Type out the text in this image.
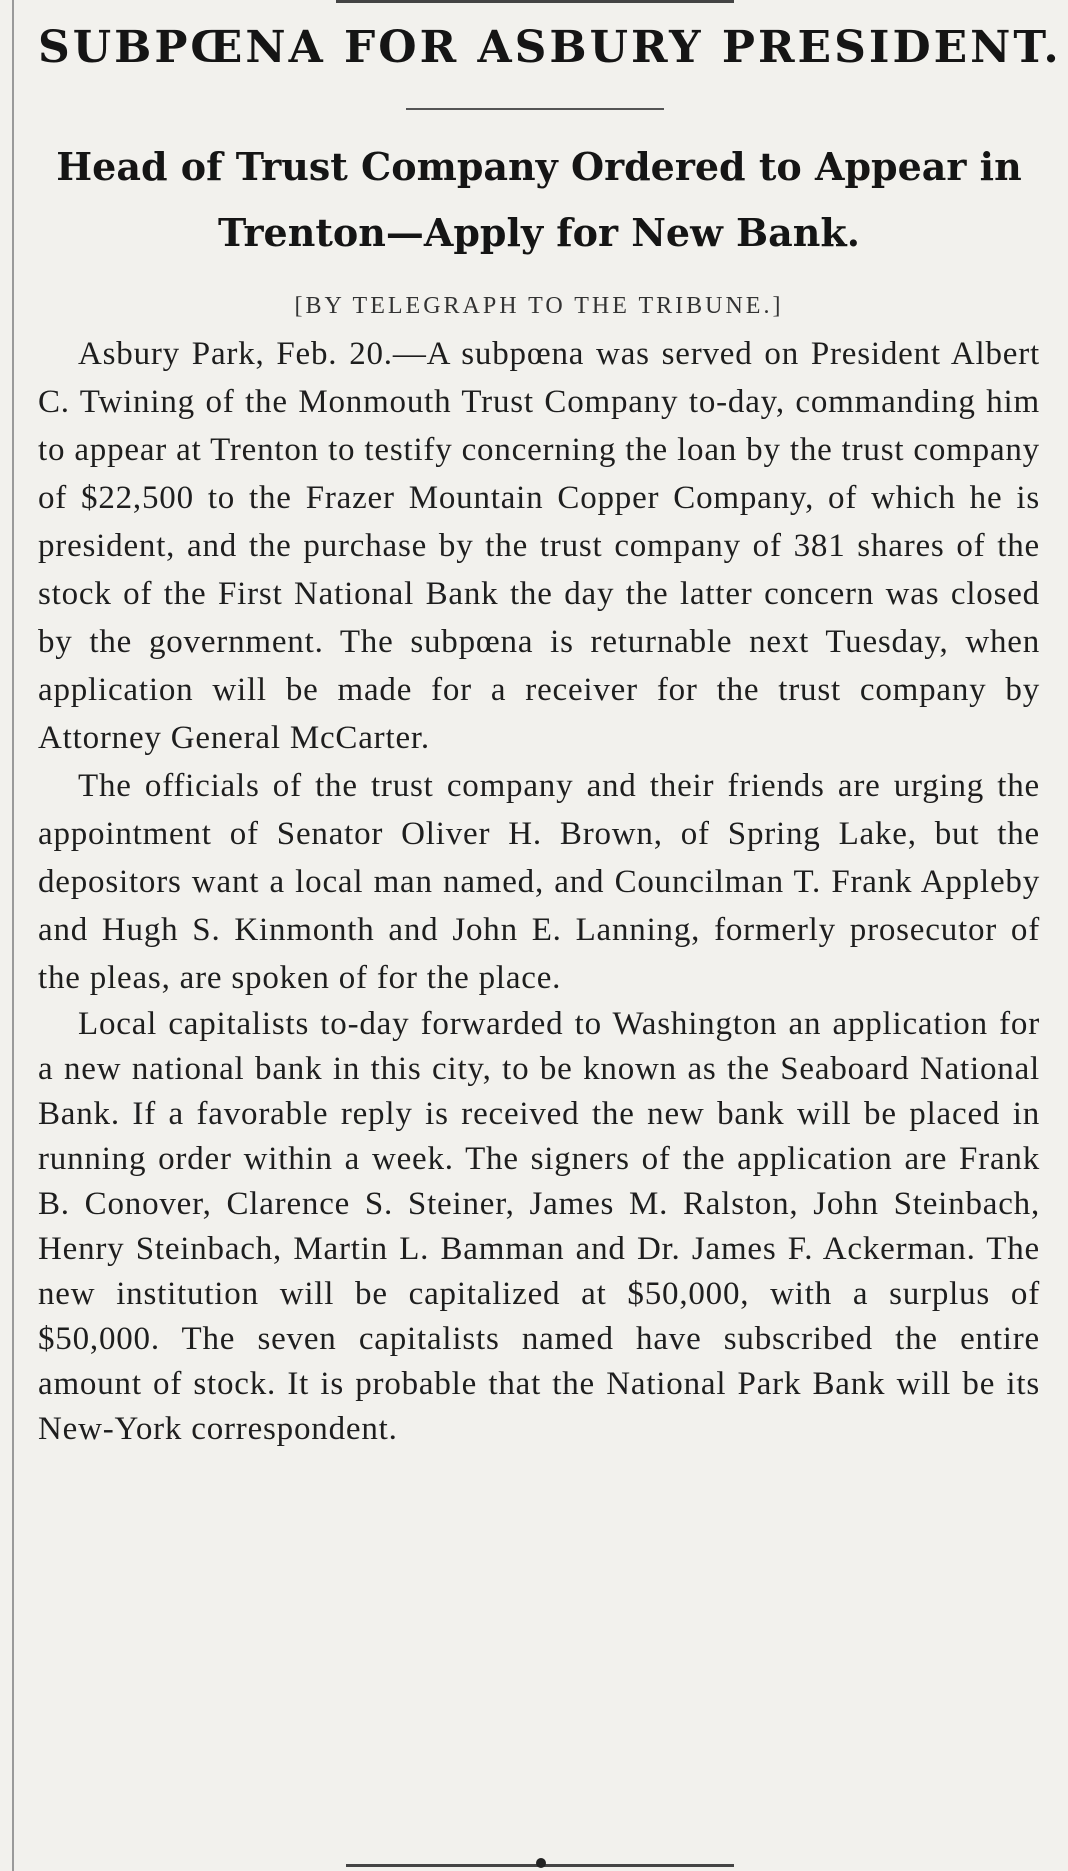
SUBPŒNA FOR ASBURY PRESIDENT.
Head of Trust Company Ordered to Appear in Trenton—Apply for New Bank.
[BY TELEGRAPH TO THE TRIBUNE.]

Asbury Park, Feb. 20.—A subpœna was served on President Albert C. Twining of the Monmouth Trust Company to-day, commanding him to appear at Trenton to testify concerning the loan by the trust company of $22,500 to the Frazer Mountain Copper Company, of which he is president, and the purchase by the trust company of 381 shares of the stock of the First National Bank the day the latter concern was closed by the government. The subpœna is returnable next Tuesday, when application will be made for a receiver for the trust company by Attorney General McCarter.

The officials of the trust company and their friends are urging the appointment of Senator Oliver H. Brown, of Spring Lake, but the depositors want a local man named, and Councilman T. Frank Appleby and Hugh S. Kinmonth and John E. Lanning, formerly prosecutor of the pleas, are spoken of for the place.

Local capitalists to-day forwarded to Washington an application for a new national bank in this city, to be known as the Seaboard National Bank. If a favorable reply is received the new bank will be placed in running order within a week. The signers of the application are Frank B. Conover, Clarence S. Steiner, James M. Ralston, John Steinbach, Henry Steinbach, Martin L. Bamman and Dr. James F. Ackerman. The new institution will be capitalized at $50,000, with a surplus of $50,000. The seven capitalists named have subscribed the entire amount of stock. It is probable that the National Park Bank will be its New-York correspondent.
